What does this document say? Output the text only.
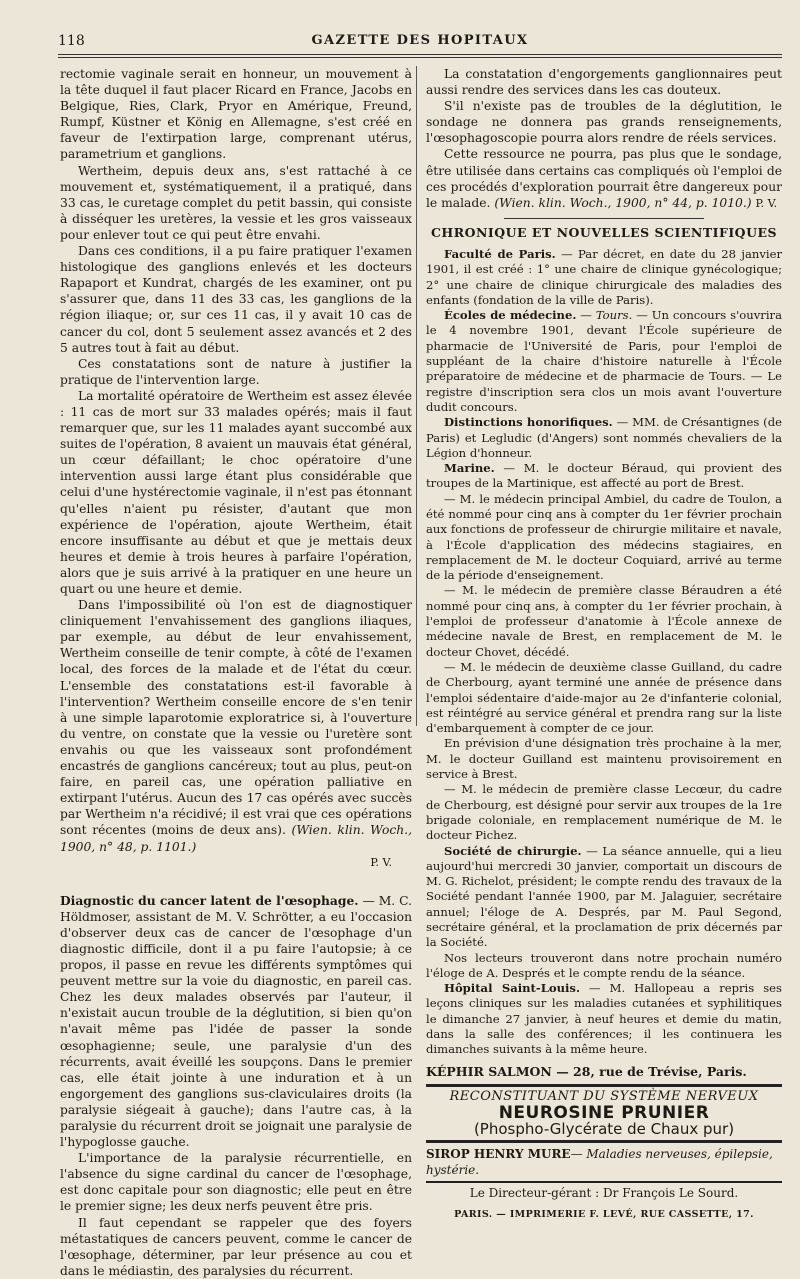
118	GAZETTE DES HOPITAUX

rectomie vaginale serait en honneur, un mouvement à la tête duquel il faut placer Ricard en France, Jacobs en Belgique, Ries, Clark, Pryor en Amérique, Freund, Rumpf, Küstner et König en Allemagne, s'est créé en faveur de l'extirpation large, comprenant utérus, parametrium et ganglions.

Wertheim, depuis deux ans, s'est rattaché à ce mouvement et, systématiquement, il a pratiqué, dans 33 cas, le curetage complet du petit bassin, qui consiste à disséquer les uretères, la vessie et les gros vaisseaux pour enlever tout ce qui peut être envahi.

Dans ces conditions, il a pu faire pratiquer l'examen histologique des ganglions enlevés et les docteurs Rapaport et Kundrat, chargés de les examiner, ont pu s'assurer que, dans 11 des 33 cas, les ganglions de la région iliaque; or, sur ces 11 cas, il y avait 10 cas de cancer du col, dont 5 seulement assez avancés et 2 des 5 autres tout à fait au début.

Ces constatations sont de nature à justifier la pratique de l'intervention large.

La mortalité opératoire de Wertheim est assez élevée : 11 cas de mort sur 33 malades opérés; mais il faut remarquer que, sur les 11 malades ayant succombé aux suites de l'opération, 8 avaient un mauvais état général, un cœur défaillant; le choc opératoire d'une intervention aussi large étant plus considérable que celui d'une hystérectomie vaginale, il n'est pas étonnant qu'elles n'aient pu résister, d'autant que mon expérience de l'opération, ajoute Wertheim, était encore insuffisante au début et que je mettais deux heures et demie à trois heures à parfaire l'opération, alors que je suis arrivé à la pratiquer en une heure un quart ou une heure et demie.

Dans l'impossibilité où l'on est de diagnostiquer cliniquement l'envahissement des ganglions iliaques, par exemple, au début de leur envahissement, Wertheim conseille de tenir compte, à côté de l'examen local, des forces de la malade et de l'état du cœur. L'ensemble des constatations est-il favorable à l'intervention? Wertheim conseille encore de s'en tenir à une simple laparotomie exploratrice si, à l'ouverture du ventre, on constate que la vessie ou l'uretère sont envahis ou que les vaisseaux sont profondément encastrés de ganglions cancéreux; tout au plus, peut-on faire, en pareil cas, une opération palliative en extirpant l'utérus. Aucun des 17 cas opérés avec succès par Wertheim n'a récidivé; il est vrai que ces opérations sont récentes (moins de deux ans). (Wien. klin. Woch., 1900, n° 48, p. 1101.)

P. V.

Diagnostic du cancer latent de l'œsophage. — M. C. Höldmoser, assistant de M. V. Schrötter, a eu l'occasion d'observer deux cas de cancer de l'œsophage d'un diagnostic difficile, dont il a pu faire l'autopsie; à ce propos, il passe en revue les différents symptômes qui peuvent mettre sur la voie du diagnostic, en pareil cas. Chez les deux malades observés par l'auteur, il n'existait aucun trouble de la déglutition, si bien qu'on n'avait même pas l'idée de passer la sonde œsophagienne; seule, une paralysie d'un des récurrents, avait éveillé les soupçons. Dans le premier cas, elle était jointe à une induration et à un engorgement des ganglions sus-claviculaires droits (la paralysie siégeait à gauche); dans l'autre cas, à la paralysie du récurrent droit se joignait une paralysie de l'hypoglosse gauche.

L'importance de la paralysie récurrentielle, en l'absence du signe cardinal du cancer de l'œsophage, est donc capitale pour son diagnostic; elle peut en être le premier signe; les deux nerfs peuvent être pris.

Il faut cependant se rappeler que des foyers métastatiques de cancers peuvent, comme le cancer de l'œsophage, déterminer, par leur présence au cou et dans le médiastin, des paralysies du récurrent.

La constatation d'engorgements ganglionnaires peut aussi rendre des services dans les cas douteux.

S'il n'existe pas de troubles de la déglutition, le sondage ne donnera pas grands renseignements, l'œsophagoscopie pourra alors rendre de réels services.

Cette ressource ne pourra, pas plus que le sondage, être utilisée dans certains cas compliqués où l'emploi de ces procédés d'exploration pourrait être dangereux pour le malade. (Wien. klin. Woch., 1900, n° 44, p. 1010.) P. V.

CHRONIQUE ET NOUVELLES SCIENTIFIQUES

Faculté de Paris. — Par décret, en date du 28 janvier 1901, il est créé : 1° une chaire de clinique gynécologique; 2° une chaire de clinique chirurgicale des maladies des enfants (fondation de la ville de Paris).

Écoles de médecine. — Tours. — Un concours s'ouvrira le 4 novembre 1901, devant l'École supérieure de pharmacie de l'Université de Paris, pour l'emploi de suppléant de la chaire d'histoire naturelle à l'École préparatoire de médecine et de pharmacie de Tours. — Le registre d'inscription sera clos un mois avant l'ouverture dudit concours.

Distinctions honorifiques. — MM. de Crésantignes (de Paris) et Legludic (d'Angers) sont nommés chevaliers de la Légion d'honneur.

Marine. — M. le docteur Béraud, qui provient des troupes de la Martinique, est affecté au port de Brest.

— M. le médecin principal Ambiel, du cadre de Toulon, a été nommé pour cinq ans à compter du 1er février prochain aux fonctions de professeur de chirurgie militaire et navale, à l'École d'application des médecins stagiaires, en remplacement de M. le docteur Coquiard, arrivé au terme de la période d'enseignement.

— M. le médecin de première classe Béraudren a été nommé pour cinq ans, à compter du 1er février prochain, à l'emploi de professeur d'anatomie à l'École annexe de médecine navale de Brest, en remplacement de M. le docteur Chovet, décédé.

— M. le médecin de deuxième classe Guilland, du cadre de Cherbourg, ayant terminé une année de présence dans l'emploi sédentaire d'aide-major au 2e d'infanterie colonial, est réintégré au service général et prendra rang sur la liste d'embarquement à compter de ce jour.

En prévision d'une désignation très prochaine à la mer, M. le docteur Guilland est maintenu provisoirement en service à Brest.

— M. le médecin de première classe Lecœur, du cadre de Cherbourg, est désigné pour servir aux troupes de la 1re brigade coloniale, en remplacement numérique de M. le docteur Pichez.

Société de chirurgie. — La séance annuelle, qui a lieu aujourd'hui mercredi 30 janvier, comportait un discours de M. G. Richelot, président; le compte rendu des travaux de la Société pendant l'année 1900, par M. Jalaguier, secrétaire annuel; l'éloge de A. Després, par M. Paul Segond, secrétaire général, et la proclamation de prix décernés par la Société.

Nos lecteurs trouveront dans notre prochain numéro l'éloge de A. Després et le compte rendu de la séance.

Hôpital Saint-Louis. — M. Hallopeau a repris ses leçons cliniques sur les maladies cutanées et syphilitiques le dimanche 27 janvier, à neuf heures et demie du matin, dans la salle des conférences; il les continuera les dimanches suivants à la même heure.

KÉPHIR SALMON — 28, rue de Trévise, Paris.

RECONSTITUANT DU SYSTÈME NERVEUX

NEUROSINE PRUNIER

(Phospho-Glycérate de Chaux pur)

SIROP HENRY MURE— Maladies nerveuses, épilepsie, hystérie.

Le Directeur-gérant : Dr François Le Sourd.

PARIS. — IMPRIMERIE F. LEVÉ, RUE CASSETTE, 17.
